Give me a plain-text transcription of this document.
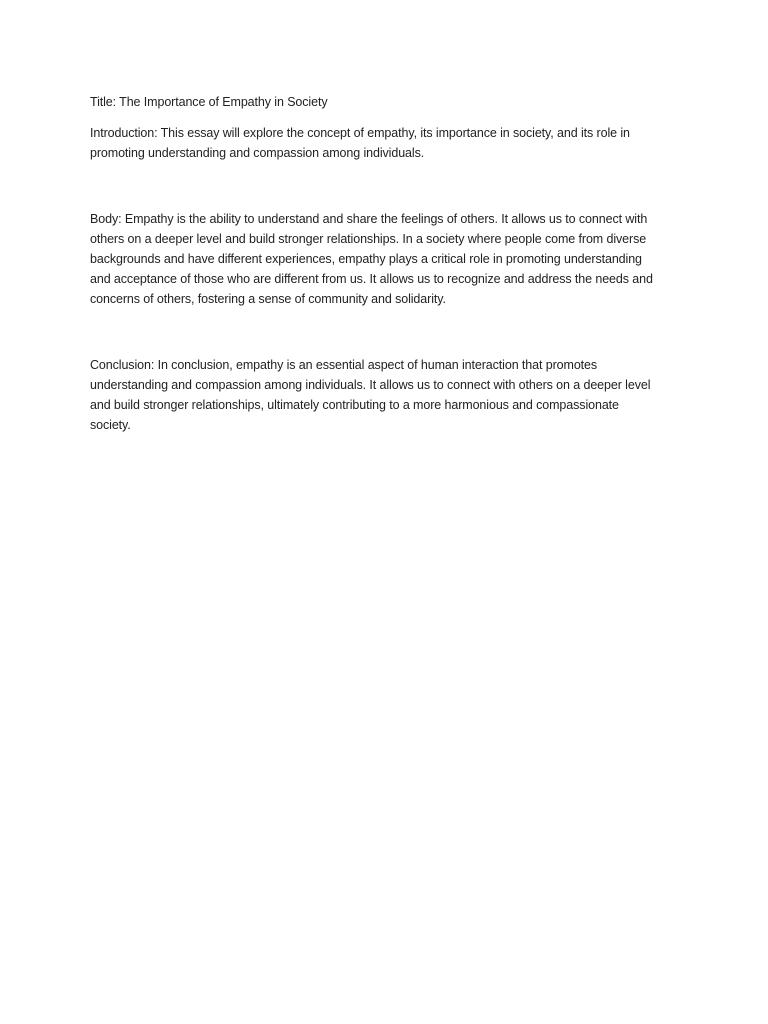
Title: The Importance of Empathy in Society

Introduction: This essay will explore the concept of empathy, its importance in society, and its role in
promoting understanding and compassion among individuals.

Body: Empathy is the ability to understand and share the feelings of others. It allows us to connect with
others on a deeper level and build stronger relationships. In a society where people come from diverse
backgrounds and have different experiences, empathy plays a critical role in promoting understanding
and acceptance of those who are different from us. It allows us to recognize and address the needs and
concerns of others, fostering a sense of community and solidarity.

Conclusion: In conclusion, empathy is an essential aspect of human interaction that promotes
understanding and compassion among individuals. It allows us to connect with others on a deeper level
and build stronger relationships, ultimately contributing to a more harmonious and compassionate
society.
